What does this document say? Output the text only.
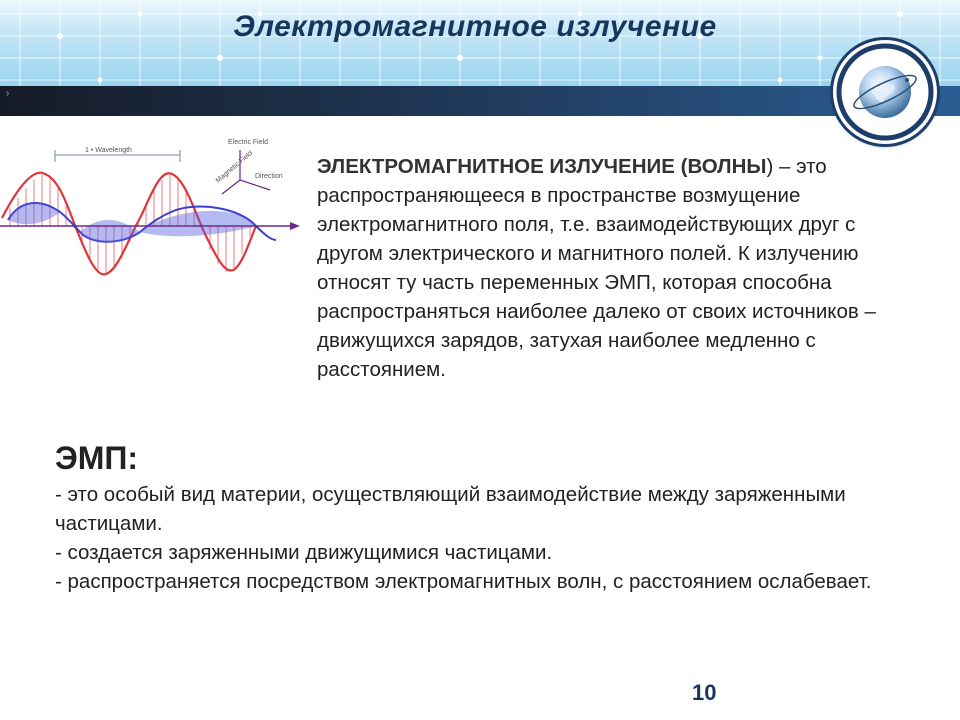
Электромагнитное излучение
›
1 • Wavelength
Electric Field
Magnetic Field Direction ЭЛЕКТРОМАГНИТНОЕ ИЗЛУЧЕНИЕ (ВОЛНЫ) – это распространяющееся в пространстве возмущение электромагнитного поля, т.е. взаимодействующих друг с другом электрического и магнитного полей. К излучению относят ту часть переменных ЭМП, которая способна распространяться наиболее далеко от своих источников – движущихся зарядов, затухая наиболее медленно с расстоянием.
ЭМП:

- это особый вид материи, осуществляющий взаимодействие между заряженными частицами.

- создается заряженными движущимися частицами.

- распространяется посредством электромагнитных волн, с расстоянием ослабевает.

10
